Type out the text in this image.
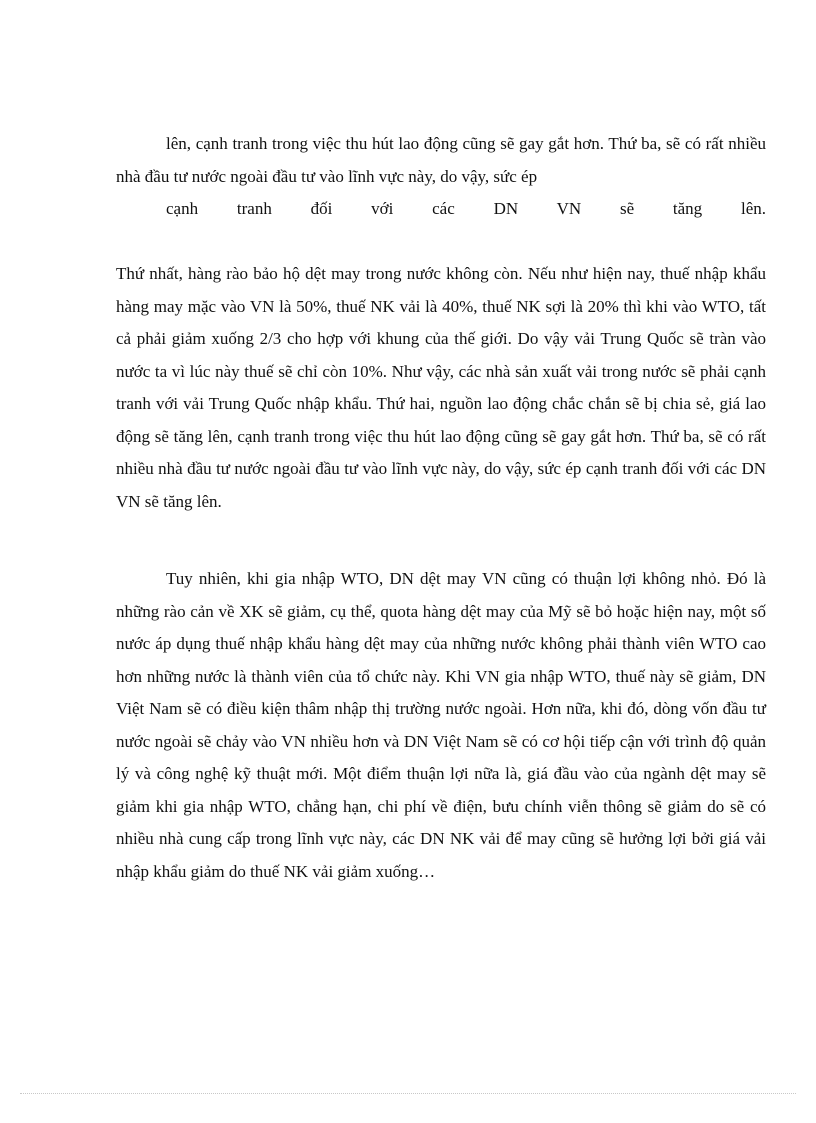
lên, cạnh tranh trong việc thu hút lao động cũng sẽ gay gắt hơn. Thứ ba, sẽ có rất nhiều nhà đầu tư nước ngoài đầu tư vào lĩnh vực này, do vậy, sức ép
cạnh tranh đối với các DN VN sẽ tăng lên.

Thứ nhất, hàng rào bảo hộ dệt may trong nước không còn. Nếu như hiện nay, thuế nhập khẩu hàng may mặc vào VN là 50%, thuế NK vải là 40%, thuế NK sợi là 20% thì khi vào WTO, tất cả phải giảm xuống 2/3 cho hợp với khung của thế giới. Do vậy vải Trung Quốc sẽ tràn vào nước ta vì lúc này thuế sẽ chỉ còn 10%. Như vậy, các nhà sản xuất vải trong nước sẽ phải cạnh tranh với vải Trung Quốc nhập khẩu. Thứ hai, nguồn lao động chắc chắn sẽ bị chia sẻ, giá lao động sẽ tăng lên, cạnh tranh trong việc thu hút lao động cũng sẽ gay gắt hơn. Thứ ba, sẽ có rất nhiều nhà đầu tư nước ngoài đầu tư vào lĩnh vực này, do vậy, sức ép cạnh tranh đối với các DN VN sẽ tăng lên.

Tuy nhiên, khi gia nhập WTO, DN dệt may VN cũng có thuận lợi không nhỏ. Đó là những rào cản về XK sẽ giảm, cụ thể, quota hàng dệt may của Mỹ sẽ bỏ hoặc hiện nay, một số nước áp dụng thuế nhập khẩu hàng dệt may của những nước không phải thành viên WTO cao hơn những nước là thành viên của tổ chức này. Khi VN gia nhập WTO, thuế này sẽ giảm, DN Việt Nam sẽ có điều kiện thâm nhập thị trường nước ngoài. Hơn nữa, khi đó, dòng vốn đầu tư nước ngoài sẽ chảy vào VN nhiều hơn và DN Việt Nam sẽ có cơ hội tiếp cận với trình độ quản lý và công nghệ kỹ thuật mới. Một điểm thuận lợi nữa là, giá đầu vào của ngành dệt may sẽ giảm khi gia nhập WTO, chẳng hạn, chi phí về điện, bưu chính viễn thông sẽ giảm do sẽ có nhiều nhà cung cấp trong lĩnh vực này, các DN NK vải để may cũng sẽ hưởng lợi bởi giá vải nhập khẩu giảm do thuế NK vải giảm xuống…
